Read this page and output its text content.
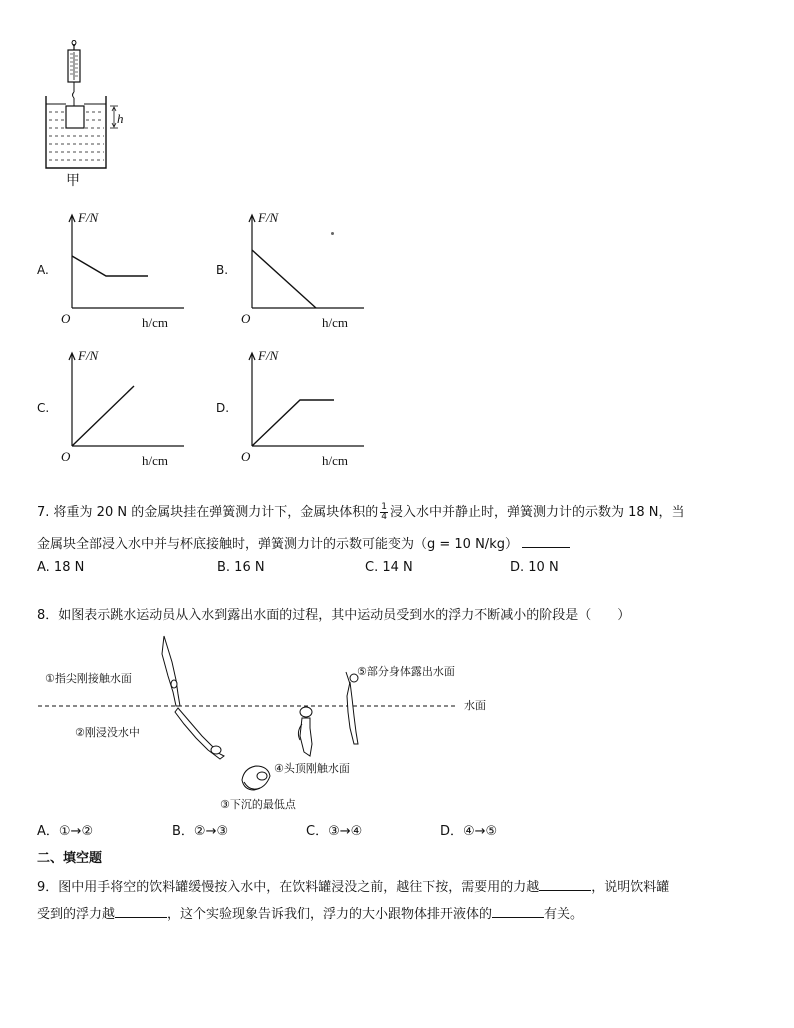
h
甲
A.
F/N
O	h/cm
B.
F/N
O	h/cm
C.
F/N
O	h/cm
D.
F/N
O	h/cm
7. 将重为 20 N 的金属块挂在弹簧测力计下，金属块体积的 $\frac{1}{4}$ 浸入水中并静止时，弹簧测力计的示数为 18 N，当
金属块全部浸入水中并与杯底接触时，弹簧测力计的示数可能变为（g = 10 N/kg）
A. 18 N	B. 16 N	C. 14 N	D. 10 N
8．如图表示跳水运动员从入水到露出水面的过程，其中运动员受到水的浮力不断减小的阶段是（　　）
①指尖刚接触水面
②刚浸没水中
③下沉的最低点
④头顶刚触水面
⑤部分身体露出水面
水面
A．①→②	B．②→③	C．③→④	D．④→⑤
二、填空题
9．图中用手将空的饮料罐缓慢按入水中，在饮料罐浸没之前，越往下按，需要用的力越	，说明饮料罐
受到的浮力越	，这个实验现象告诉我们，浮力的大小跟物体排开液体的	有关。
